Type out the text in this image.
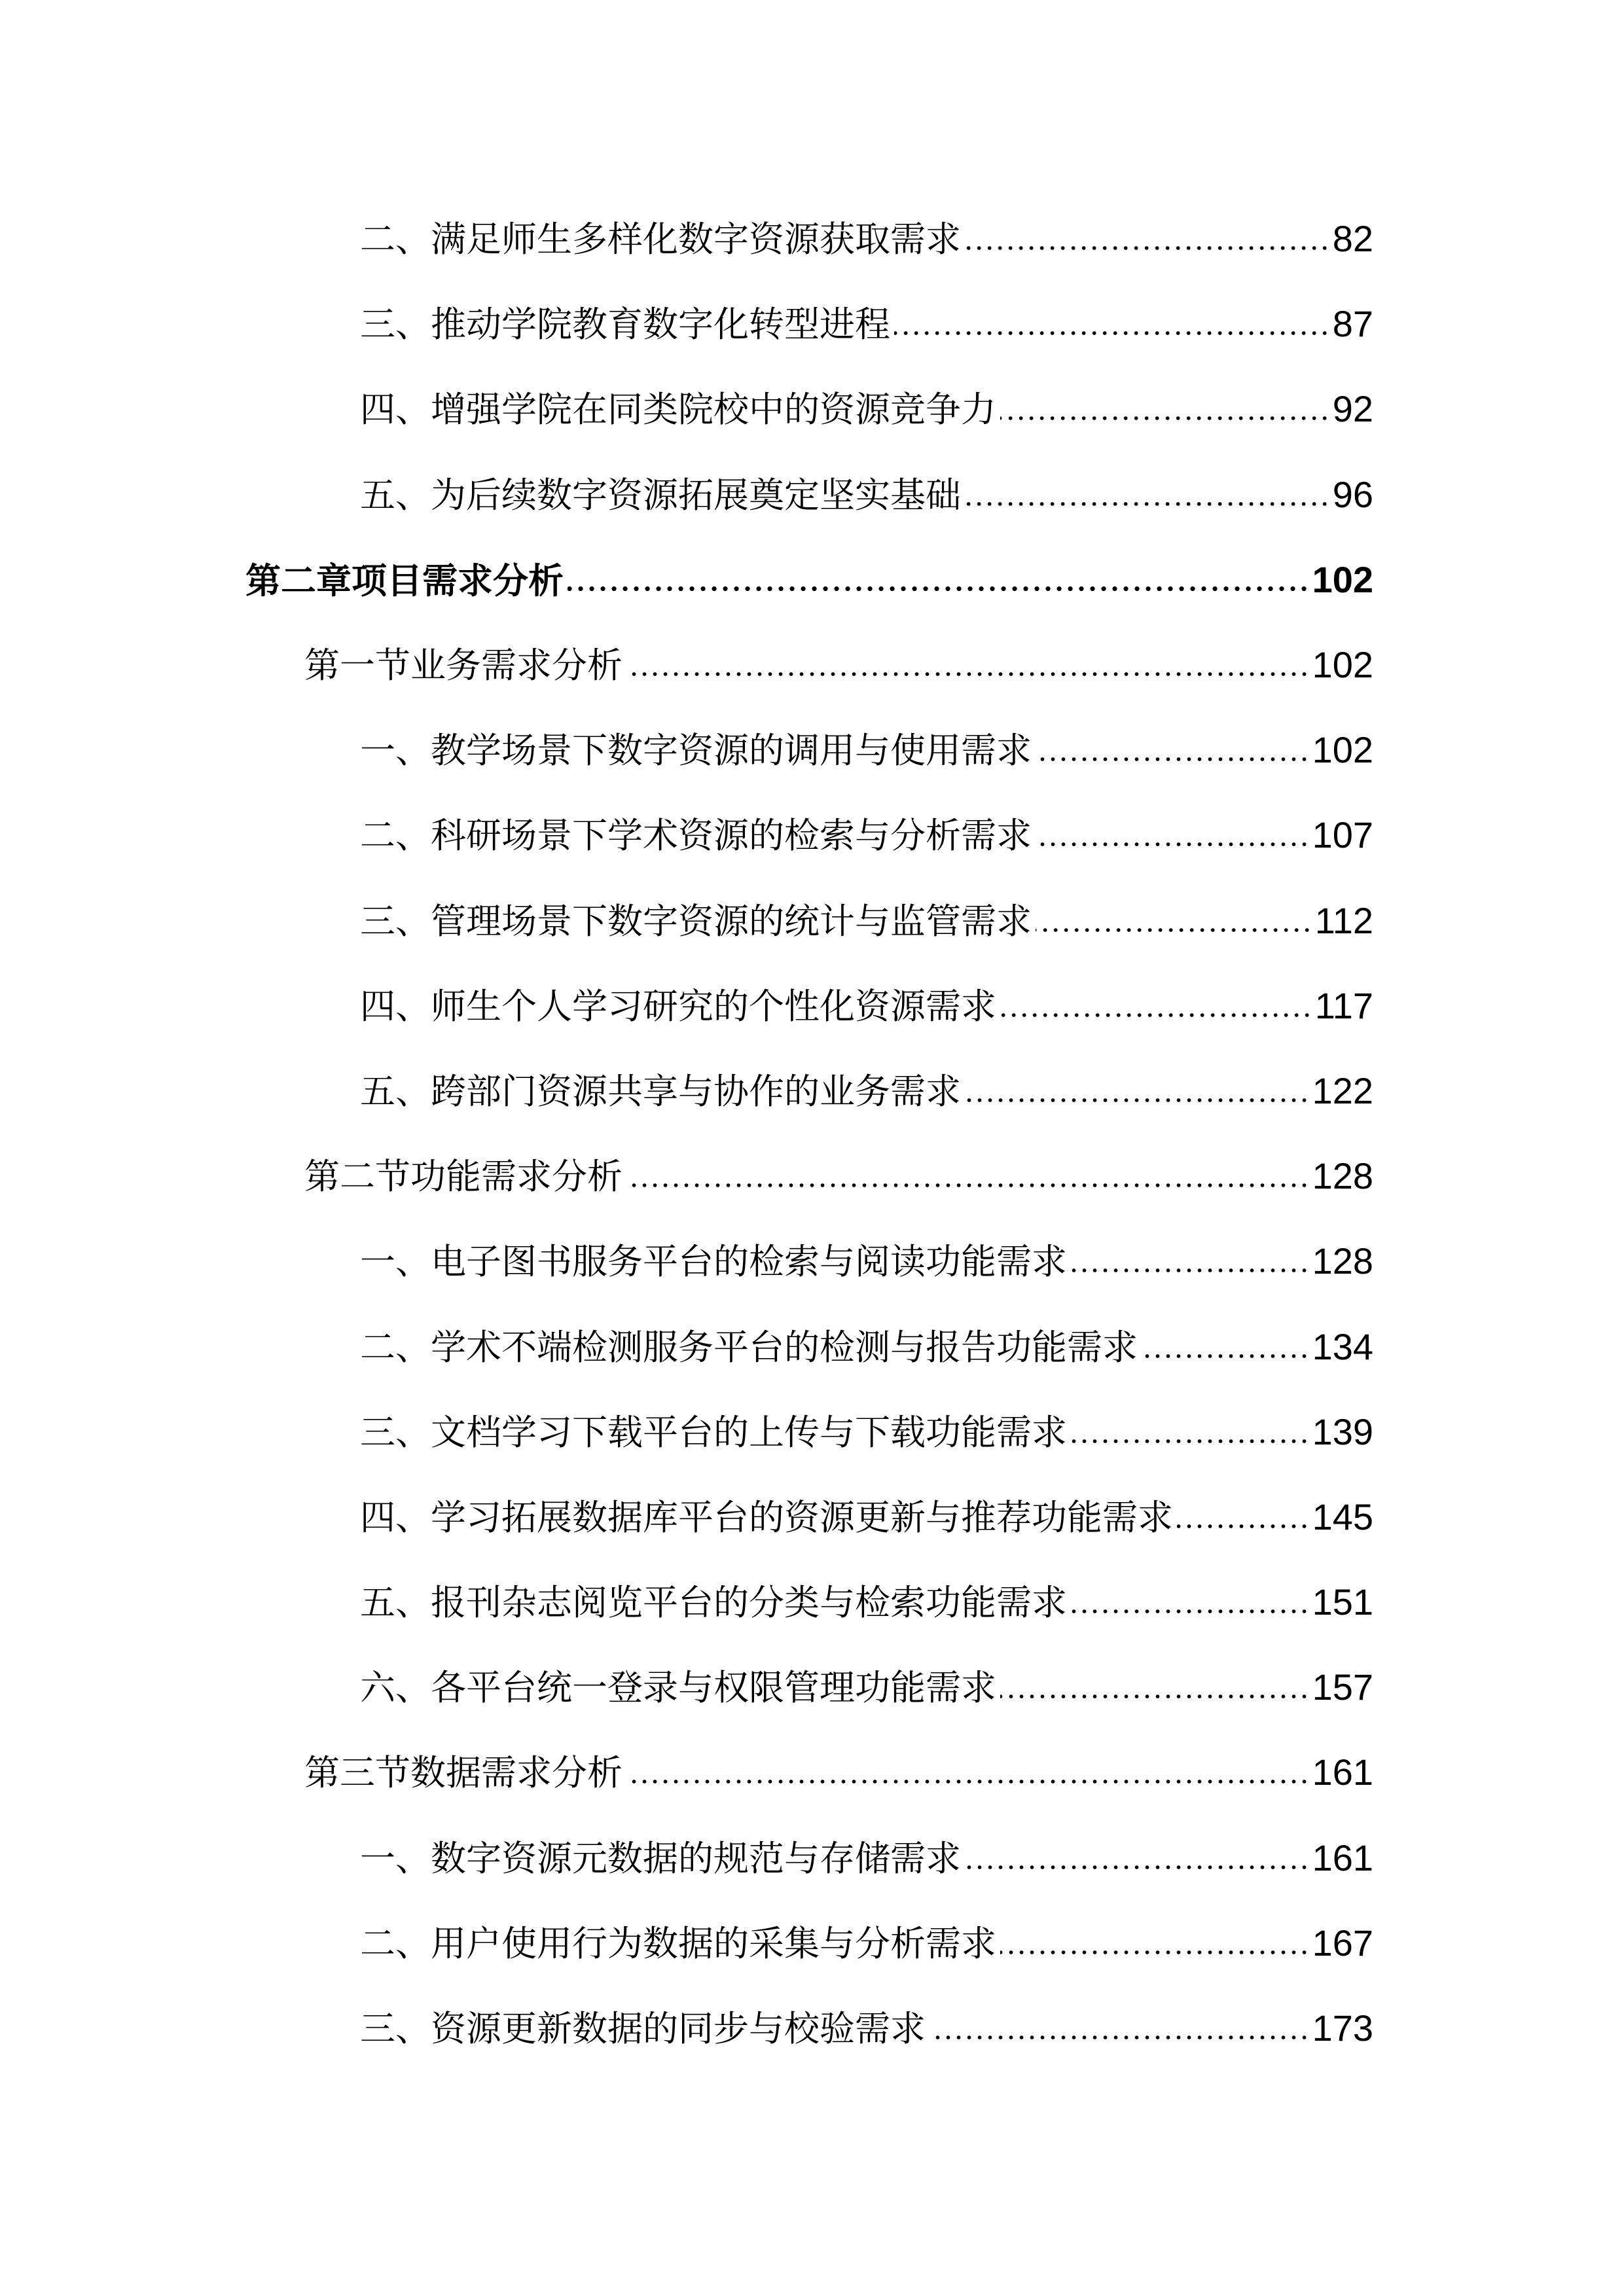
二、满足师生多样化数字资源获取需求	82
三、推动学院教育数字化转型进程	87
四、增强学院在同类院校中的资源竞争力	92
五、为后续数字资源拓展奠定坚实基础	96
第二章项目需求分析	102
第一节业务需求分析	102
一、教学场景下数字资源的调用与使用需求	102
二、科研场景下学术资源的检索与分析需求	107
三、管理场景下数字资源的统计与监管需求	112
四、师生个人学习研究的个性化资源需求	117
五、跨部门资源共享与协作的业务需求	122
第二节功能需求分析	128
一、电子图书服务平台的检索与阅读功能需求	128
二、学术不端检测服务平台的检测与报告功能需求	134
三、文档学习下载平台的上传与下载功能需求	139
四、学习拓展数据库平台的资源更新与推荐功能需求	145
五、报刊杂志阅览平台的分类与检索功能需求	151
六、各平台统一登录与权限管理功能需求	157
第三节数据需求分析	161
一、数字资源元数据的规范与存储需求	161
二、用户使用行为数据的采集与分析需求	167
三、资源更新数据的同步与校验需求	173
